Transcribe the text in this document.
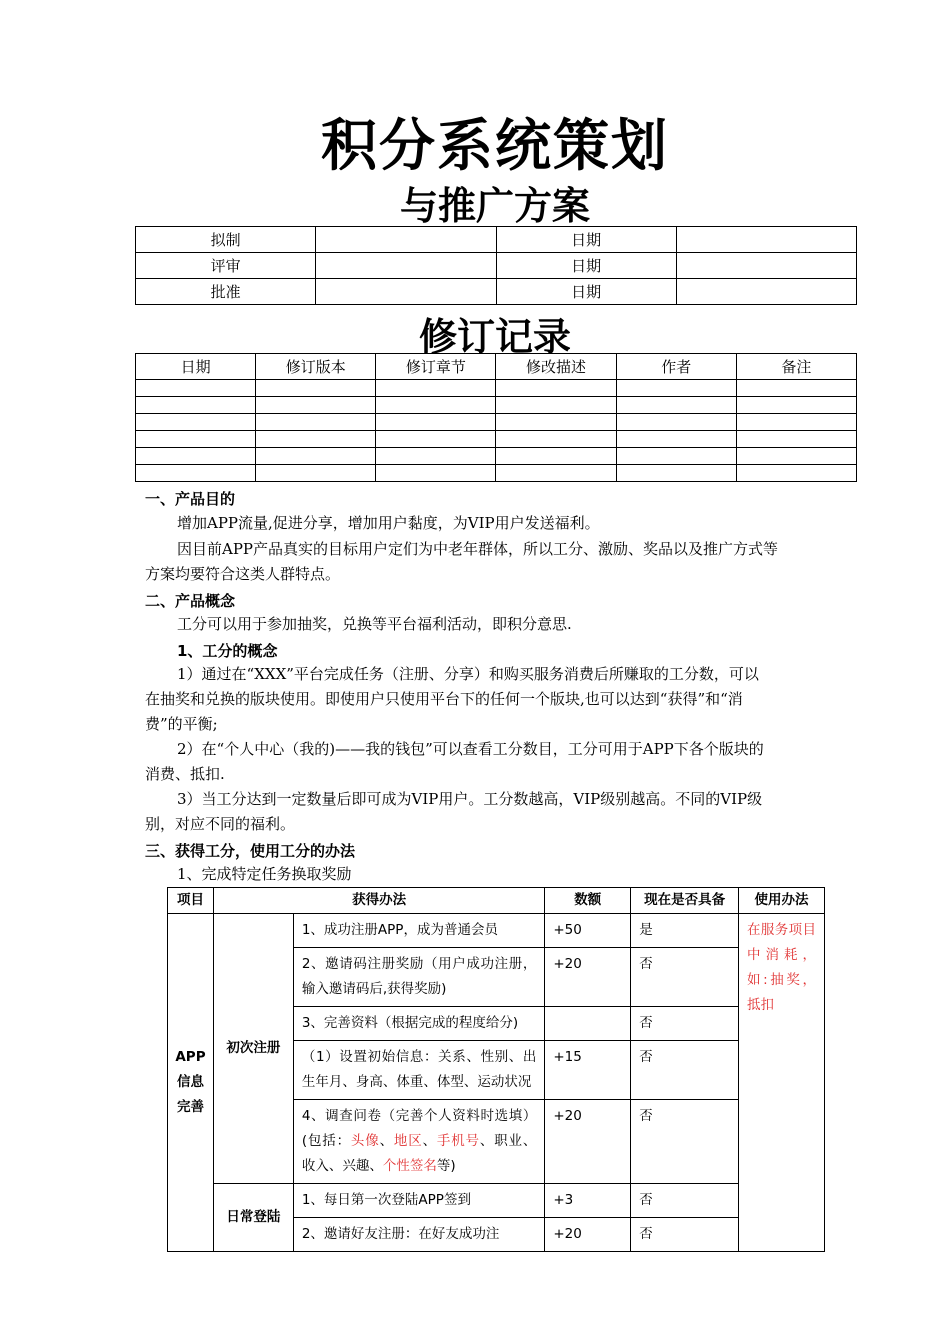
积分系统策划
与推广方案
拟制		日期	
评审		日期	
批准		日期	
修订记录
日期	修订版本	修订章节	修改描述	作者	备注

一、产品目的
增加APP流量,促进分享，增加用户黏度，为VIP用户发送福利。
因目前APP产品真实的目标用户定们为中老年群体，所以工分、激励、奖品以及推广方式等
方案均要符合这类人群特点。
二、产品概念
工分可以用于参加抽奖，兑换等平台福利活动，即积分意思.
1、工分的概念
1）通过在“XXX”平台完成任务（注册、分享）和购买服务消费后所赚取的工分数，可以
在抽奖和兑换的版块使用。即使用户只使用平台下的任何一个版块,也可以达到“获得”和“消
费”的平衡;
2）在“个人中心（我的)——我的钱包”可以查看工分数目，工分可用于APP下各个版块的
消费、抵扣.
3）当工分达到一定数量后即可成为VIP用户。工分数越高，VIP级别越高。不同的VIP级
别，对应不同的福利。
三、获得工分，使用工分的办法
1、完成特定任务换取奖励
项目	获得办法		数额	现在是否具备	使用办法
APP信息完善	初次注册	1、成功注册APP，成为普通会员	+50	是	在服务项目中消耗，如:抽奖，抵扣
		2、邀请码注册奖励（用户成功注册，输入邀请码后,获得奖励)	+20	否	
		3、完善资料（根据完成的程度给分)		否	
		（1）设置初始信息：关系、性别、出生年月、身高、体重、体型、运动状况	+15	否	
		4、调查问卷（完善个人资料时选填）(包括：头像、地区、手机号、职业、收入、兴趣、个性签名等)	+20	否	
	日常登陆	1、每日第一次登陆APP签到	+3	否	
		2、邀请好友注册：在好友成功注	+20	否	
